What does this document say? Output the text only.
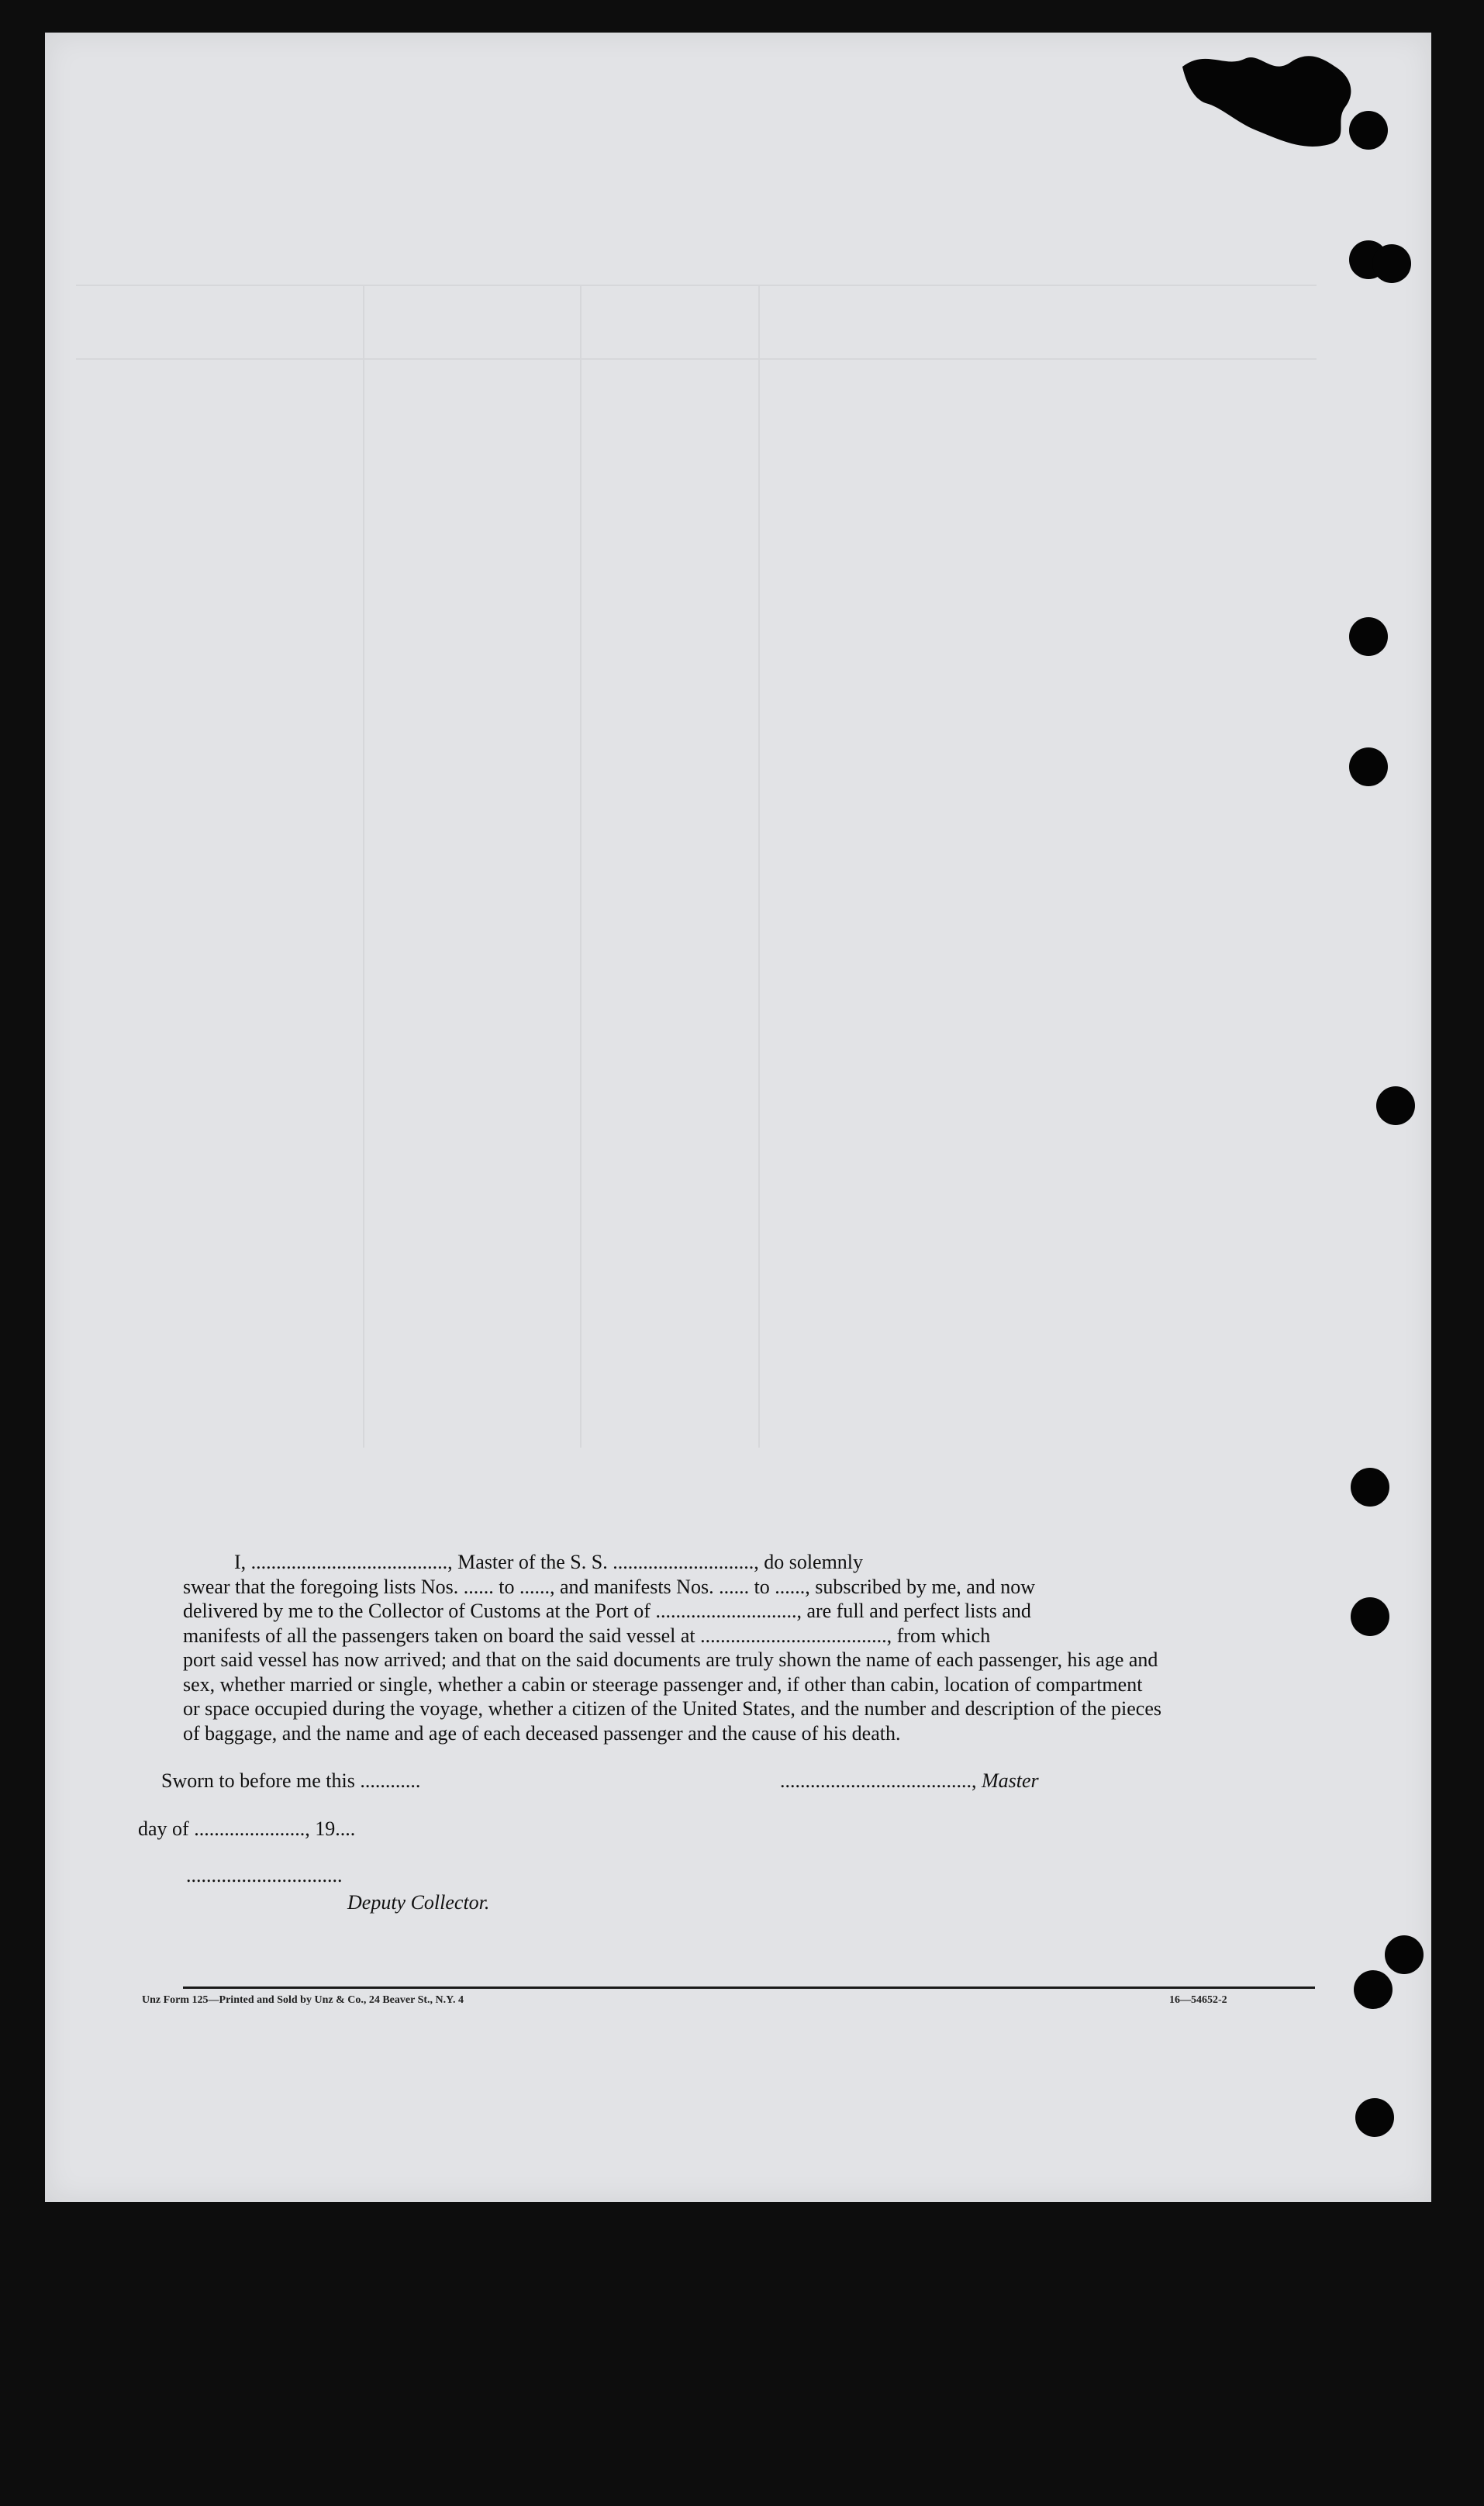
I, ......................................., Master of the S. S. ............................, do solemnly
swear that the foregoing lists Nos. ...... to ......, and manifests Nos. ...... to ......, subscribed by me, and now
delivered by me to the Collector of Customs at the Port of ............................, are full and perfect lists and
manifests of all the passengers taken on board the said vessel at ....................................., from which
port said vessel has now arrived; and that on the said documents are truly shown the name of each passenger, his age and
sex, whether married or single, whether a cabin or steerage passenger and, if other than cabin, location of compartment
or space occupied during the voyage, whether a citizen of the United States, and the number and description of the pieces
of baggage, and the name and age of each deceased passenger and the cause of his death.
Sworn to before me this ............	......................................, Master
day of ......................, 19....
...............................
Deputy Collector.
Unz Form 125—Printed and Sold by Unz & Co., 24 Beaver St., N.Y. 4	16—54652-2
